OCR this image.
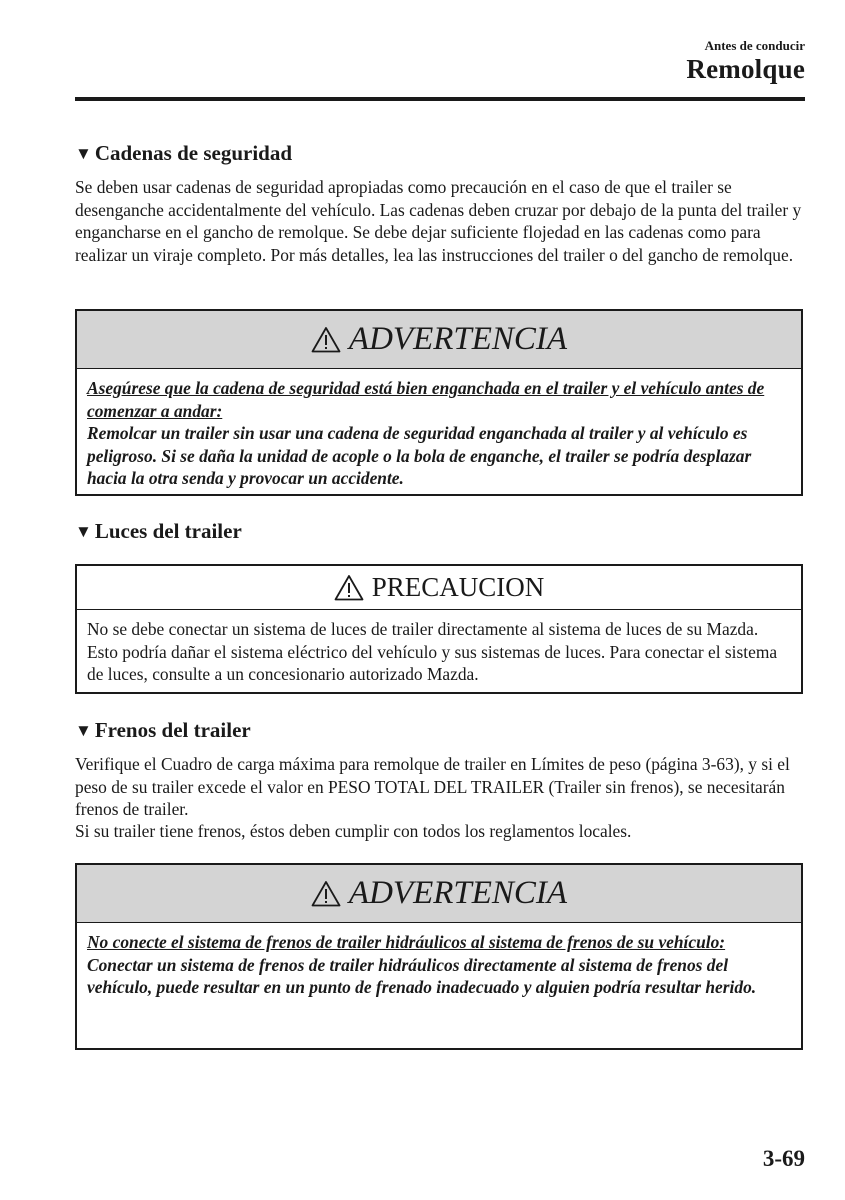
Antes de conducir
Remolque
▼ Cadenas de seguridad

Se deben usar cadenas de seguridad apropiadas como precaución en el caso de que el trailer se desenganche accidentalmente del vehículo. Las cadenas deben cruzar por debajo de la punta del trailer y engancharse en el gancho de remolque. Se debe dejar suficiente flojedad en las cadenas como para realizar un viraje completo. Por más detalles, lea las instrucciones del trailer o del gancho de remolque.

ADVERTENCIA
Asegúrese que la cadena de seguridad está bien enganchada en el trailer y el vehículo antes de comenzar a andar:
Remolcar un trailer sin usar una cadena de seguridad enganchada al trailer y al vehículo es peligroso. Si se daña la unidad de acople o la bola de enganche, el trailer se podría desplazar hacia la otra senda y provocar un accidente.
▼ Luces del trailer
PRECAUCION
No se debe conectar un sistema de luces de trailer directamente al sistema de luces de su Mazda. Esto podría dañar el sistema eléctrico del vehículo y sus sistemas de luces. Para conectar el sistema de luces, consulte a un concesionario autorizado Mazda.
▼ Frenos del trailer

Verifique el Cuadro de carga máxima para remolque de trailer en Límites de peso (página 3-63), y si el peso de su trailer excede el valor en PESO TOTAL DEL TRAILER (Trailer sin frenos), se necesitarán frenos de trailer.

Si su trailer tiene frenos, éstos deben cumplir con todos los reglamentos locales.

ADVERTENCIA
No conecte el sistema de frenos de trailer hidráulicos al sistema de frenos de su vehículo:
Conectar un sistema de frenos de trailer hidráulicos directamente al sistema de frenos del vehículo, puede resultar en un punto de frenado inadecuado y alguien podría resultar herido.
3-69
